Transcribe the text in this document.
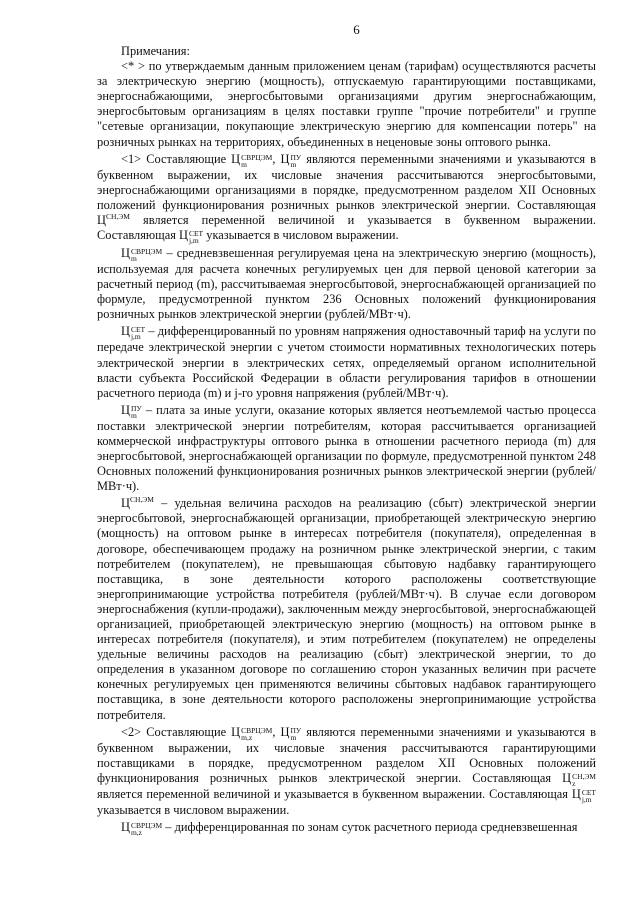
6

Примечания:

<* > по утверждаемым данным приложением ценам (тарифам) осуществляются расчеты за электрическую энергию (мощность), отпускаемую гарантирующими поставщиками, энергоснабжающими, энергосбытовыми организациями другим энергоснабжающим, энергосбытовым организациям в целях поставки группе "прочие потребители" и группе "сетевые организации, покупающие электрическую энергию для компенсации потерь" на розничных рынках на территориях, объединенных в неценовые зоны оптового рынка.

<1> Составляющие Ц СВРЦЭМ
m	, Ц ПУ
m являются переменными значениями и указываются в буквенном выражении, их числовые значения рассчитываются энергосбытовыми, энергоснабжающими организациями в порядке, предусмотренном разделом XII Основных положений функционирования розничных рынков электрической энергии. Составляющая $Ц^{СН,ЭМ}$ является переменной величиной и указывается в буквенном выражении. Составляющая Ц СЕТ
j,m указывается в числовом выражении.

Ц СВРЦЭМ
m	– средневзвешенная регулируемая цена на электрическую энергию (мощность), используемая для расчета конечных регулируемых цен для первой ценовой категории за расчетный период (m), рассчитываемая энергосбытовой, энергоснабжающей организацией по формуле, предусмотренной пунктом 236 Основных положений функционирования розничных рынков электрической энергии (рублей/МВт·ч).

Ц СЕТ
j,m – дифференцированный по уровням напряжения одноставочный тариф на услуги по передаче электрической энергии с учетом стоимости нормативных технологических потерь электрической энергии в электрических сетях, определяемый органом исполнительной власти субъекта Российской Федерации в области регулирования тарифов в отношении расчетного периода (m) и j-го уровня напряжения (рублей/МВт·ч).

Ц ПУ
m – плата за иные услуги, оказание которых является неотъемлемой частью процесса поставки электрической энергии потребителям, которая рассчитывается организацией коммерческой инфраструктуры оптового рынка в отношении расчетного периода (m) для энергосбытовой, энергоснабжающей организации по формуле, предусмотренной пунктом 248 Основных положений функционирования розничных рынков электрической энергии (рублей/МВт·ч).

$Ц^{СН,ЭМ}$ – удельная величина расходов на реализацию (сбыт) электрической энергии энергосбытовой, энергоснабжающей организации, приобретающей электрическую энергию (мощность) на оптовом рынке в интересах потребителя (покупателя), определенная в договоре, обеспечивающем продажу на розничном рынке электрической энергии, с таким потребителем (покупателем), не превышающая сбытовую надбавку гарантирующего поставщика, в зоне деятельности которого расположены соответствующие энергопринимающие устройства потребителя (рублей/МВт·ч). В случае если договором энергоснабжения (купли-продажи), заключенным между энергосбытовой, энергоснабжающей организацией, приобретающей электрическую энергию (мощность) на оптовом рынке в интересах потребителя (покупателя), и этим потребителем (покупателем) не определены удельные величины расходов на реализацию (сбыт) электрической энергии, то до определения в указанном договоре по соглашению сторон указанных величин при расчете конечных регулируемых цен применяются величины сбытовых надбавок гарантирующего поставщика, в зоне деятельности которого расположены энергопринимающие устройства потребителя.

<2> Составляющие Ц СВРЦЭМ
m,z	, Ц ПУ
m являются переменными значениями и указываются в буквенном выражении, их числовые значения рассчитываются гарантирующими поставщиками в порядке, предусмотренном разделом XII Основных положений функционирования розничных рынков электрической энергии. Составляющая Ц СН,ЭМ
z
является переменной величиной и указывается в буквенном выражении. Составляющая Ц СЕТ
j,m
указывается в числовом выражении.

Ц СВРЦЭМ
m,z	– дифференцированная по зонам суток расчетного периода средневзвешенная
